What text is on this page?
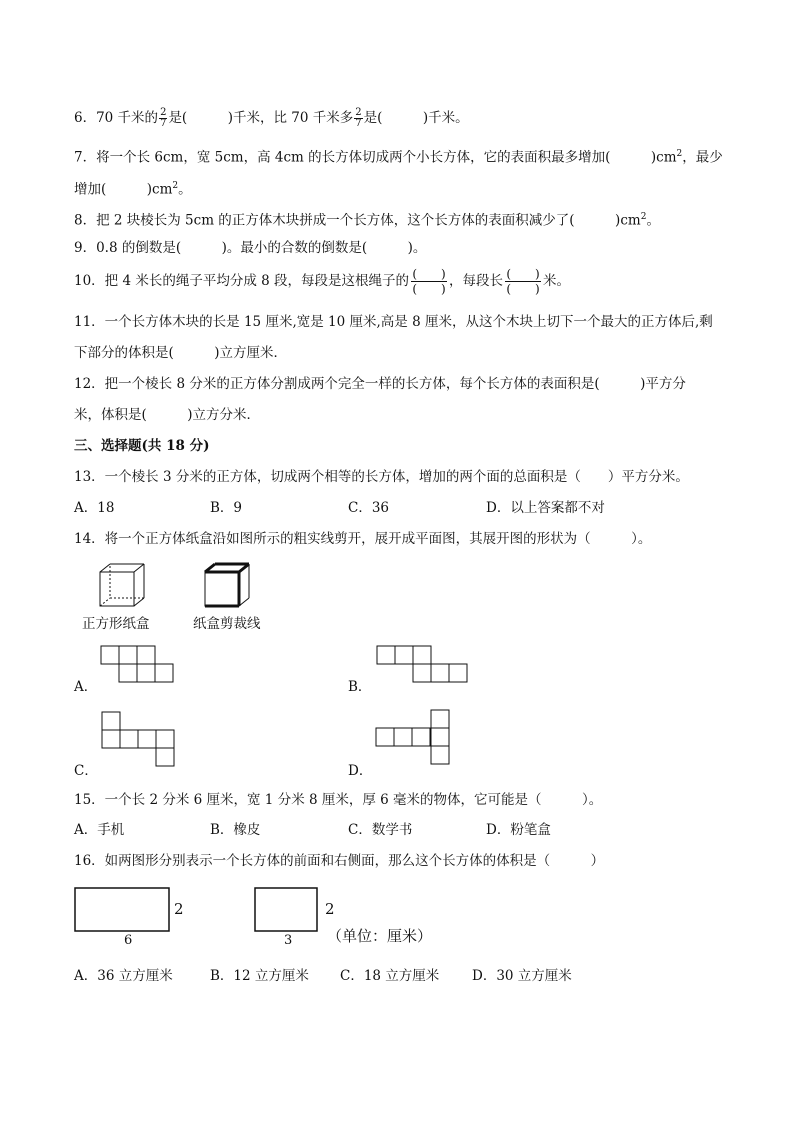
6．70 千米的 $\frac{2}{7}$ 是(　　　)千米，比 70 千米多 $\frac{2}{7}$ 是(　　　)千米。
7．将一个长 6cm，宽 5cm，高 4cm 的长方体切成两个小长方体，它的表面积最多增加(　　　)$cm^2$，最少
增加(　　　)$cm^2$。
8．把 2 块棱长为 5cm 的正方体木块拼成一个长方体，这个长方体的表面积减少了(　　　)$cm^2$。
9．0.8 的倒数是(　　　)。最小的合数的倒数是(　　　)。
10．把 4 米长的绳子平均分成 8 段，每段是这根绳子的 $\frac{( )}{( )}$ ，每段长 $\frac{( )}{( )}$ 米。
11．一个长方体木块的长是 15 厘米,宽是 10 厘米,高是 8 厘米，从这个木块上切下一个最大的正方体后,剩
下部分的体积是(　　　)立方厘米．
12．把一个棱长 8 分米的正方体分割成两个完全一样的长方体，每个长方体的表面积是(　　　)平方分
米，体积是(　　　)立方分米．
三、选择题(共 18 分)
13．一个棱长 3 分米的正方体，切成两个相等的长方体，增加的两个面的总面积是（　　）平方分米。
A．18	B．9	C．36	D．以上答案都不对
14．将一个正方体纸盒沿如图所示的粗实线剪开，展开成平面图，其展开图的形状为（　　　）。
正方形纸盒	纸盒剪裁线
A．	B．
C．	D．
15．一个长 2 分米 6 厘米，宽 1 分米 8 厘米，厚 6 毫米的物体，它可能是（　　　）。
A．手机	B．橡皮	C．数学书	D．粉笔盒
16．如两图形分别表示一个长方体的前面和右侧面，那么这个长方体的体积是（　　　）
2
6
2
3 （单位：厘米）
A．36 立方厘米	B．12 立方厘米 C．18 立方厘米 D．30 立方厘米
